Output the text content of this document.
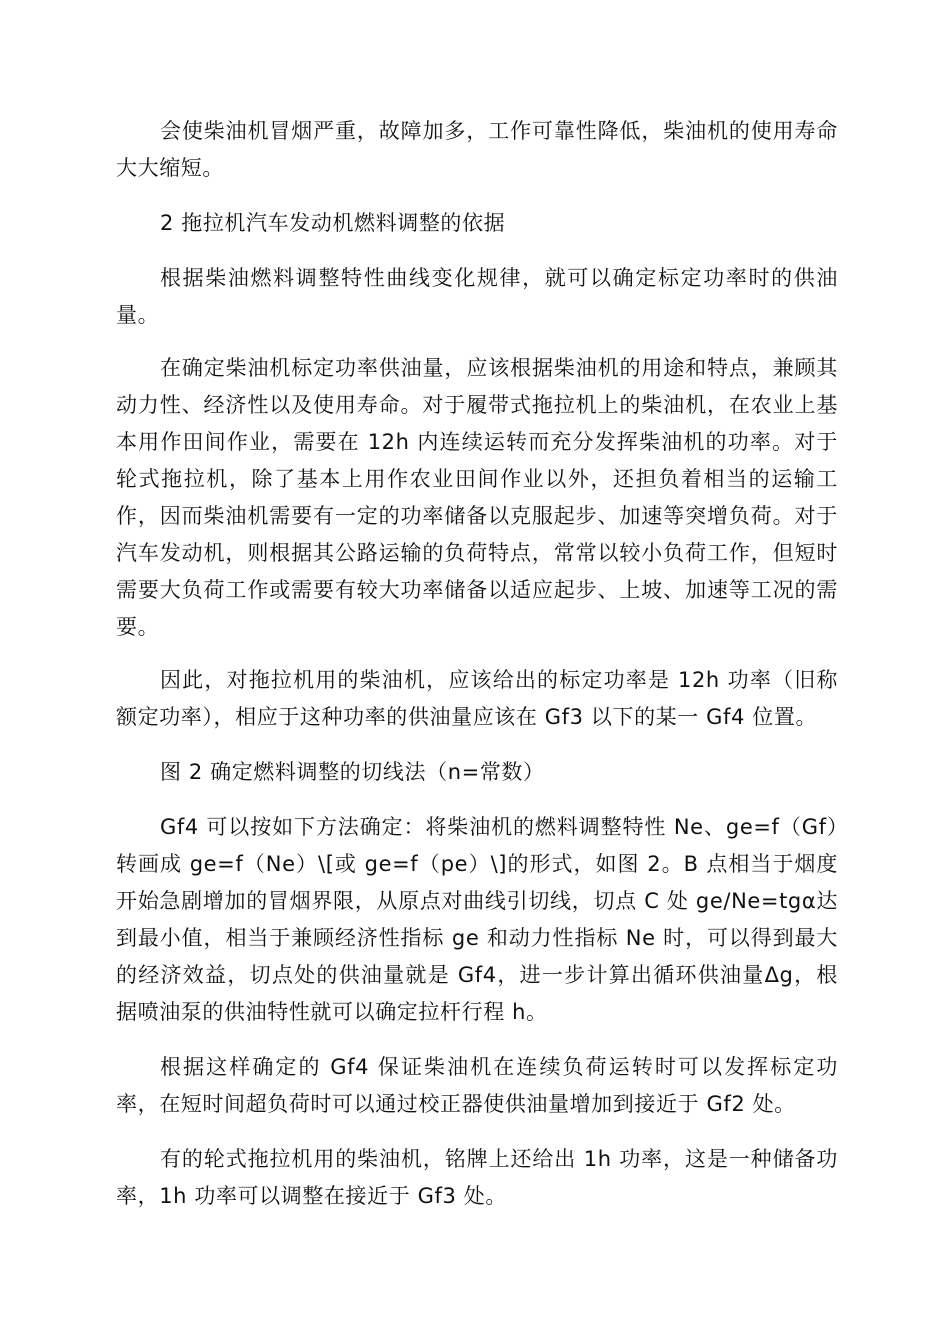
会使柴油机冒烟严重，故障加多，工作可靠性降低，柴油机的使用寿命大大缩短。

2 拖拉机汽车发动机燃料调整的依据

根据柴油燃料调整特性曲线变化规律，就可以确定标定功率时的供油量。

在确定柴油机标定功率供油量，应该根据柴油机的用途和特点，兼顾其动力性、经济性以及使用寿命。对于履带式拖拉机上的柴油机，在农业上基本用作田间作业，需要在 12h 内连续运转而充分发挥柴油机的功率。对于轮式拖拉机，除了基本上用作农业田间作业以外，还担负着相当的运输工作，因而柴油机需要有一定的功率储备以克服起步、加速等突增负荷。对于汽车发动机，则根据其公路运输的负荷特点，常常以较小负荷工作，但短时需要大负荷工作或需要有较大功率储备以适应起步、上坡、加速等工况的需要。

因此，对拖拉机用的柴油机，应该给出的标定功率是 12h 功率（旧称额定功率），相应于这种功率的供油量应该在 Gf3 以下的某一 Gf4 位置。

图 2 确定燃料调整的切线法（n=常数）

Gf4 可以按如下方法确定：将柴油机的燃料调整特性 Ne、ge=f（Gf）转画成 ge=f（Ne）\[或 ge=f（pe）\]的形式，如图 2。B 点相当于烟度开始急剧增加的冒烟界限，从原点对曲线引切线，切点 C 处 ge/Ne=tgα达到最小值，相当于兼顾经济性指标 ge 和动力性指标 Ne 时，可以得到最大的经济效益，切点处的供油量就是 Gf4，进一步计算出循环供油量Δg，根据喷油泵的供油特性就可以确定拉杆行程 h。

根据这样确定的 Gf4 保证柴油机在连续负荷运转时可以发挥标定功率，在短时间超负荷时可以通过校正器使供油量增加到接近于 Gf2 处。

有的轮式拖拉机用的柴油机，铭牌上还给出 1h 功率，这是一种储备功率，1h 功率可以调整在接近于 Gf3 处。
